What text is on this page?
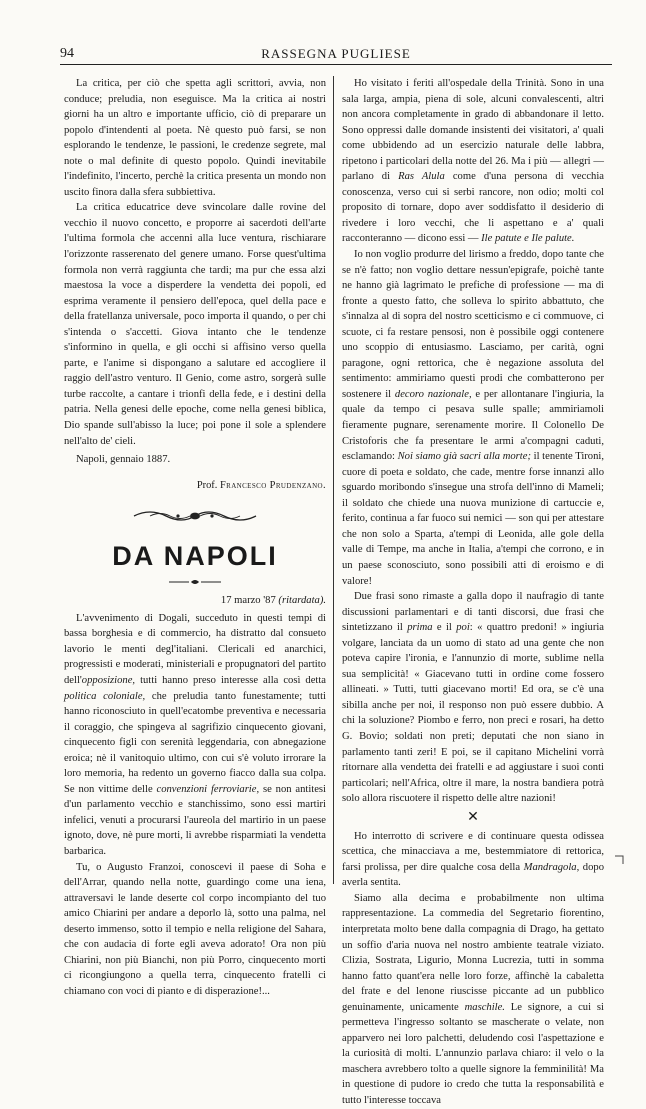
94	RASSEGNA PUGLIESE

La critica, per ciò che spetta agli scrittori, avvia, non conduce; preludia, non eseguisce. Ma la critica ai nostri giorni ha un altro e importante ufficio, ciò di preparare un popolo d'intendenti al poeta. Nè questo può farsi, se non esplorando le tendenze, le passioni, le credenze segrete, mal note o mal definite di questo popolo. Quindi inevitabile l'indefinito, l'incerto, perchè la critica presenta un mondo non uscito finora dalla sfera subbiettiva.

La critica educatrice deve svincolare dalle rovine del vecchio il nuovo concetto, e proporre ai sacerdoti dell'arte l'ultima formola che accenni alla luce ventura, rischiarare l'orizzonte rasserenato del genere umano. Forse quest'ultima formola non verrà raggiunta che tardi; ma pur che essa alzi maestosa la voce a disperdere la vendetta dei popoli, ed esprima veramente il pensiero dell'epoca, quel della pace e della fratellanza universale, poco importa il quando, o per chi s'intenda o s'accetti. Giova intanto che le tendenze s'informino in quella, e gli occhi si affisino verso quella parte, e l'anime si dispongano a salutare ed accogliere il raggio dell'astro venturo. Il Genio, come astro, sorgerà sulle turbe raccolte, a cantare i trionfi della fede, e i destini della patria. Nella genesi delle epoche, come nella genesi biblica, Dio spande sull'abisso la luce; poi pone il sole a splendere nell'alto de' cieli.

Napoli, gennaio 1887.

Prof. Francesco Prudenzano.

DA NAPOLI

17 marzo '87 (ritardata).

L'avvenimento di Dogali, succeduto in questi tempi di bassa borghesia e di commercio, ha distratto dal consueto lavorio le menti degl'italiani. Clericali ed anarchici, progressisti e moderati, ministeriali e propugnatori del partito dell'opposizione, tutti hanno preso interesse alla così detta politica coloniale, che preludia tanto funestamente; tutti hanno riconosciuto in quell'ecatombe preventiva e necessaria il coraggio, che spingeva al sagrifizio cinquecento giovani, cinquecento figli con serenità leggendaria, con abnegazione eroica; nè il vanitoquio ultimo, con cui s'è voluto irrorare la loro memoria, ha redento un governo fiacco dalla sua colpa. Se non vittime delle convenzioni ferroviarie, se non antitesi d'un parlamento vecchio e stanchissimo, sono essi martiri infelici, venuti a procurarsi l'aureola del martirio in un paese ignoto, dove, nè pure morti, li avrebbe risparmiati la vendetta barbarica.

Tu, o Augusto Franzoi, conoscevi il paese di Soha e dell'Arrar, quando nella notte, guardingo come una iena, attraversavi le lande deserte col corpo incompianto del tuo amico Chiarini per andare a deporlo là, sotto una palma, nel deserto immenso, sotto il tempio e nella religione del Sahara, che con audacia di forte egli aveva adorato! Ora non più Chiarini, non più Bianchi, non più Porro, cinquecento morti ci ricongiungono a quella terra, cinquecento fratelli ci chiamano con voci di pianto e di disperazione!...

Ho visitato i feriti all'ospedale della Trinità. Sono in una sala larga, ampia, piena di sole, alcuni convalescenti, altri non ancora completamente in grado di abbandonare il letto. Sono oppressi dalle domande insistenti dei visitatori, a' quali come ubbidendo ad un esercizio naturale delle labbra, ripetono i particolari della notte del 26. Ma i più — allegri — parlano di Ras Alula come d'una persona di vecchia conoscenza, verso cui si serbi rancore, non odio; molti col proposito di tornare, dopo aver soddisfatto il desiderio di rivedere i loro vecchi, che li aspettano e a' quali racconteranno — dicono essi — Ile patute e Ile palute.

Io non voglio produrre del lirismo a freddo, dopo tante che se n'è fatto; non voglio dettare nessun'epigrafe, poichè tante ne hanno già lagrimato le prefiche di professione — ma di fronte a questo fatto, che solleva lo spirito abbattuto, che s'innalza al di sopra del nostro scetticismo e ci commuove, ci scuote, ci fa restare pensosi, non è possibile oggi contenere uno scoppio di entusiasmo. Lasciamo, per carità, ogni paragone, ogni rettorica, che è negazione assoluta del sentimento: ammiriamo questi prodi che combatterono per sostenere il decoro nazionale, e per allontanare l'ingiuria, la quale da tempo ci pesava sulle spalle; ammiriamoli fieramente pugnare, serenamente morire. Il Colonello De Cristoforis che fa presentare le armi a'compagni caduti, esclamando: Noi siamo già sacri alla morte; il tenente Tironi, cuore di poeta e soldato, che cade, mentre forse innanzi allo sguardo moribondo s'insegue una strofa dell'inno di Mameli; il soldato che chiede una nuova munizione di cartuccie e, ferito, continua a far fuoco sui nemici — son qui per attestare che non solo a Sparta, a'tempi di Leonida, alle gole della valle di Tempe, ma anche in Italia, a'tempi che corrono, e in un paese sconosciuto, sono possibili atti di eroismo e di valore!

Due frasi sono rimaste a galla dopo il naufragio di tante discussioni parlamentari e di tanti discorsi, due frasi che sintetizzano il prima e il poi: « quattro predoni! » ingiuria volgare, lanciata da un uomo di stato ad una gente che non poteva capire l'ironia, e l'annunzio di morte, sublime nella sua semplicità! « Giacevano tutti in ordine come fossero allineati. » Tutti, tutti giacevano morti! Ed ora, se c'è una sibilla anche per noi, il responso non può essere dubbio. A chi la soluzione? Piombo e ferro, non preci e rosari, ha detto G. Bovio; soldati non preti; deputati che non siano in parlamento tanti zeri! E poi, se il capitano Michelini vorrà ritornare alla vendetta dei fratelli e ad aggiustare i suoi conti particolari; nell'Africa, oltre il mare, la nostra bandiera potrà solo allora riscuotere il rispetto delle altre nazioni!

✕

Ho interrotto di scrivere e di continuare questa odissea scettica, che minacciava a me, bestemmiatore di rettorica, farsi prolissa, per dire qualche cosa della Mandragola, dopo averla sentita.

Siamo alla decima e probabilmente non ultima rappresentazione. La commedia del Segretario fiorentino, interpretata molto bene dalla compagnia di Drago, ha gettato un soffio d'aria nuova nel nostro ambiente teatrale viziato. Clizia, Sostrata, Ligurio, Monna Lucrezia, tutti in somma hanno fatto quant'era nelle loro forze, affinchè la cabaletta del frate e del lenone riuscisse piccante ad un pubblico genuinamente, unicamente maschile. Le signore, a cui si permetteva l'ingresso soltanto se mascherate o velate, non apparvero nei loro palchetti, deludendo così l'aspettazione e la curiosità di molti. L'annunzio parlava chiaro: il velo o la maschera avrebbero tolto a quelle signore la femminilità! Ma in questione di pudore io credo che tutta la responsabilità e tutto l'interesse toccava
